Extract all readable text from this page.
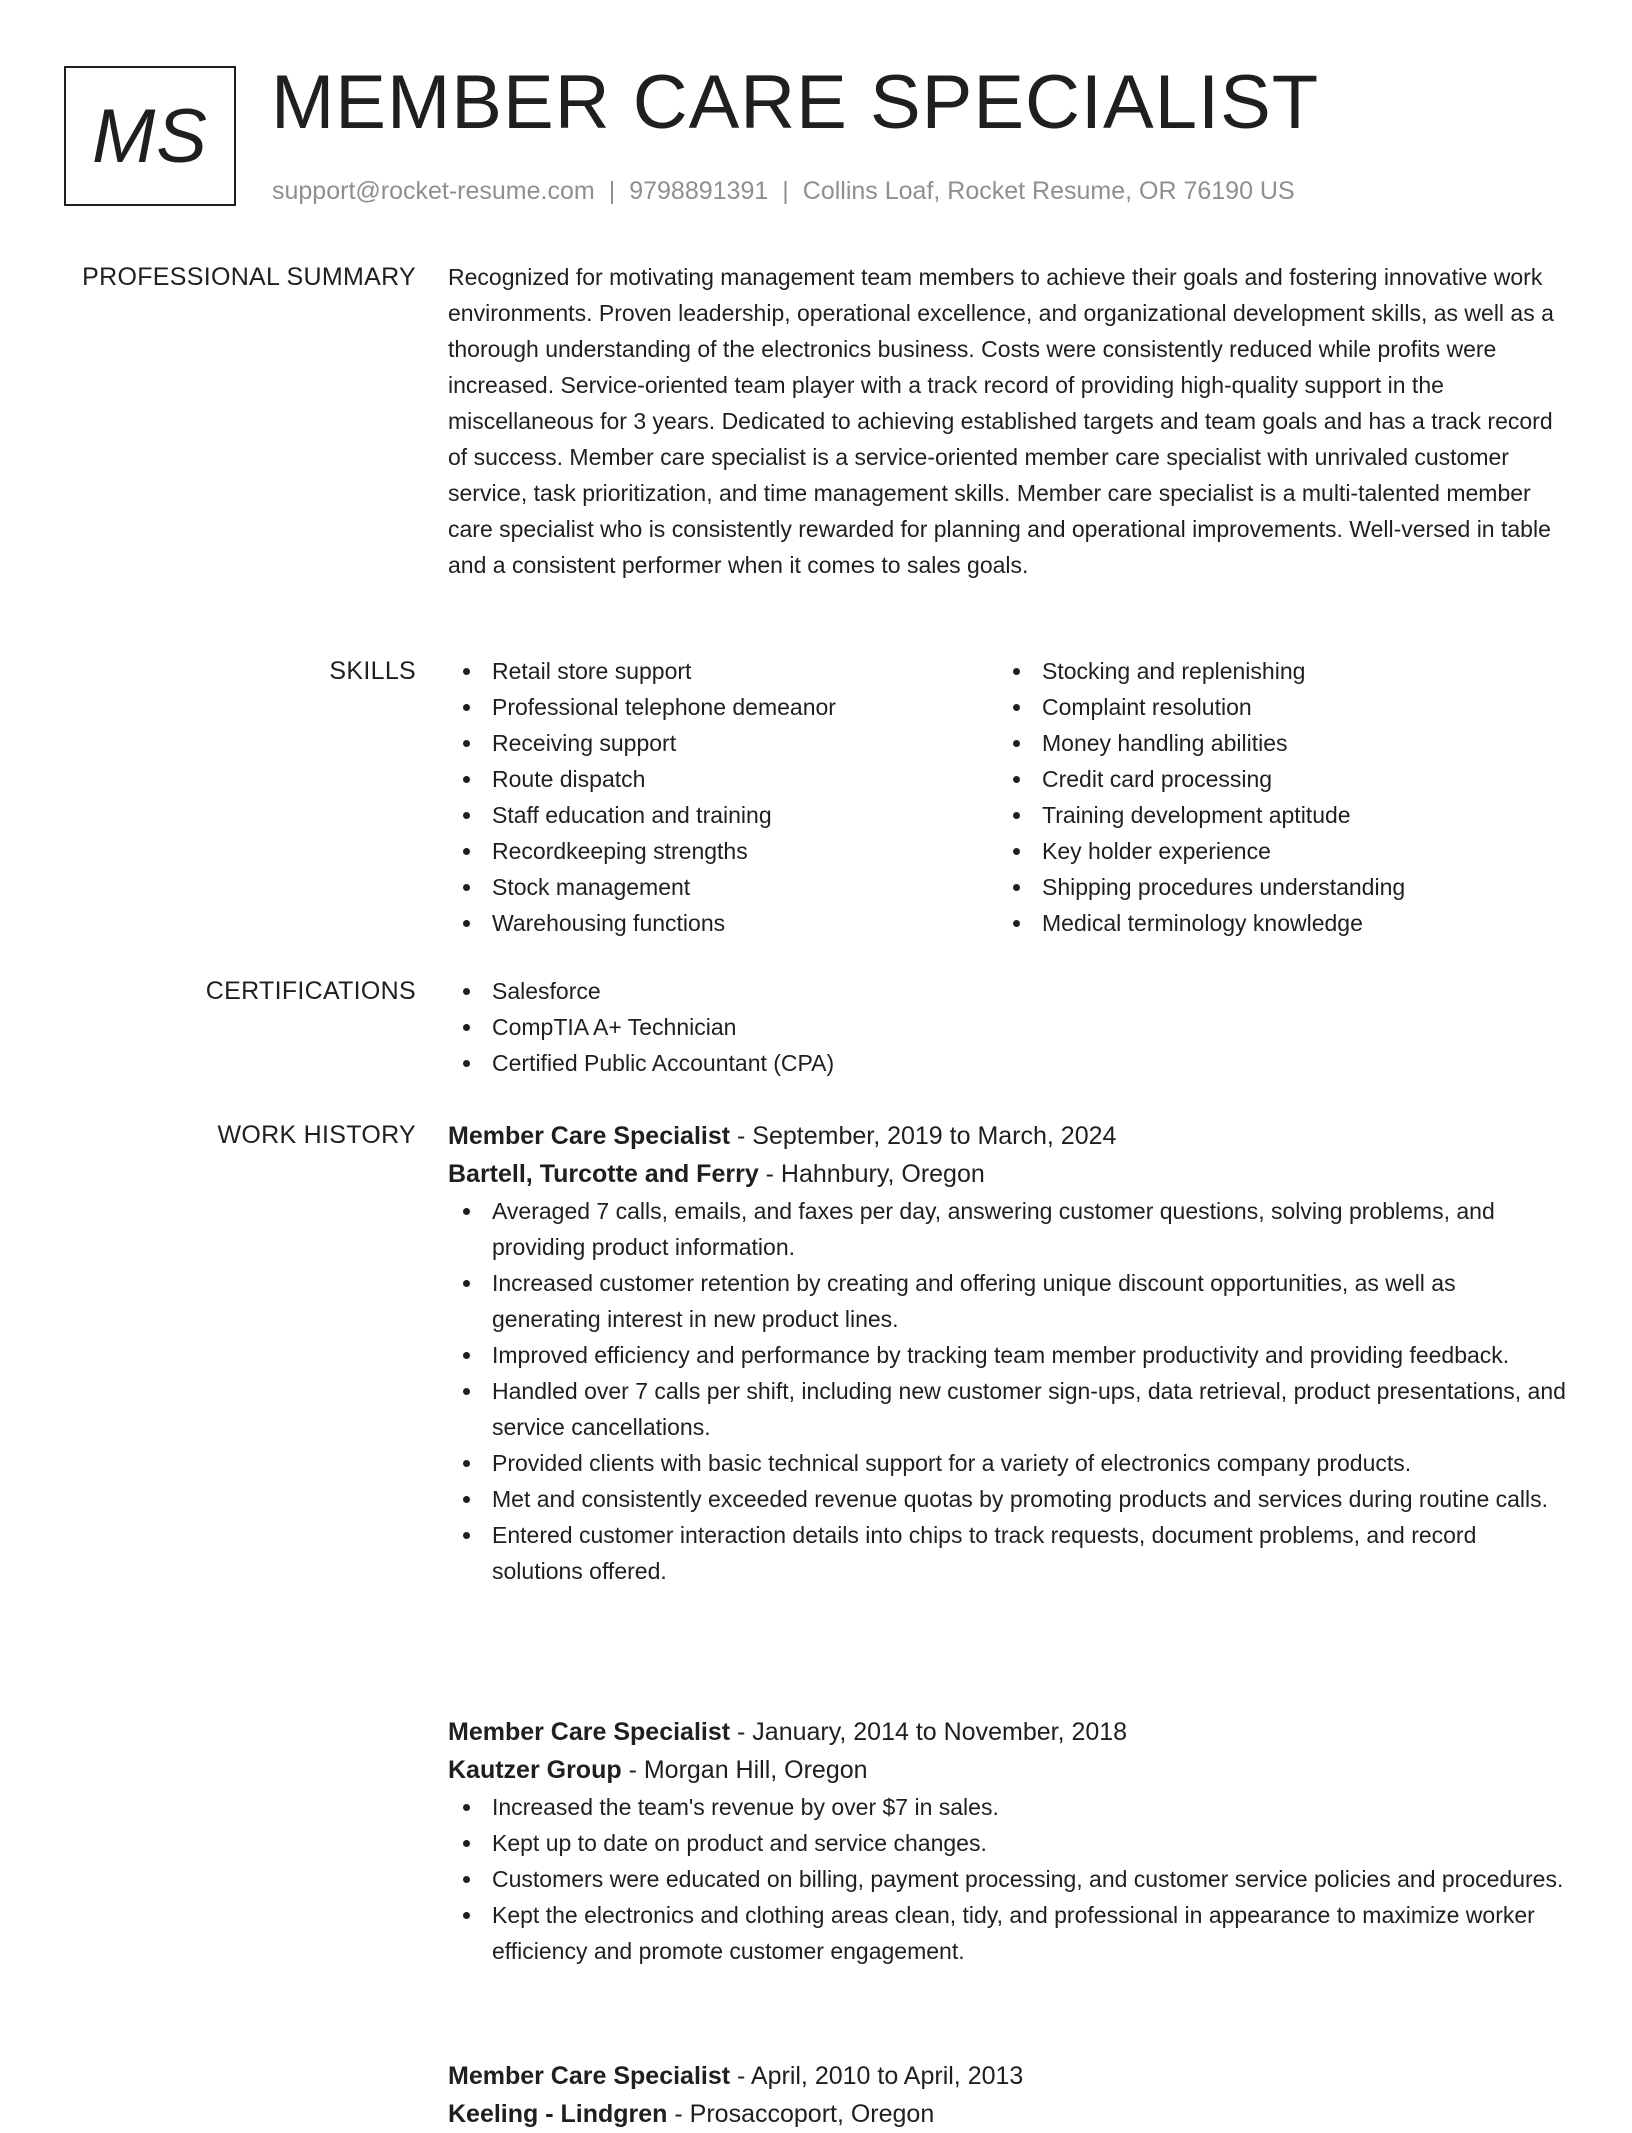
MS MEMBER CARE SPECIALIST
support@rocket-resume.com | 9798891391 | Collins Loaf, Rocket Resume, OR 76190 US
PROFESSIONAL SUMMARY Recognized for motivating management team members to achieve their goals and fostering innovative work environments. Proven leadership, operational excellence, and organizational development skills, as well as a thorough understanding of the electronics business. Costs were consistently reduced while profits were increased. Service-oriented team player with a track record of providing high-quality support in the miscellaneous for 3 years. Dedicated to achieving established targets and team goals and has a track record of success. Member care specialist is a service-oriented member care specialist with unrivaled customer service, task prioritization, and time management skills. Member care specialist is a multi-talented member care specialist who is consistently rewarded for planning and operational improvements. Well-versed in table and a consistent performer when it comes to sales goals.

SKILLS	Retail store support
Professional telephone demeanor
Receiving support
Route dispatch
Staff education and training
Recordkeeping strengths
Stock management
Warehousing functions
Stocking and replenishing
Complaint resolution
Money handling abilities
Credit card processing
Training development aptitude
Key holder experience
Shipping procedures understanding
Medical terminology knowledge
CERTIFICATIONS	Salesforce
CompTIA A+ Technician
Certified Public Accountant (CPA)
WORK HISTORY Member Care Specialist - September, 2019 to March, 2024

Bartell, Turcotte and Ferry - Hahnbury, Oregon

Averaged 7 calls, emails, and faxes per day, answering customer questions, solving problems, and providing product information.
Increased customer retention by creating and offering unique discount opportunities, as well as generating interest in new product lines.
Improved efficiency and performance by tracking team member productivity and providing feedback.
Handled over 7 calls per shift, including new customer sign-ups, data retrieval, product presentations, and service cancellations.
Provided clients with basic technical support for a variety of electronics company products.
Met and consistently exceeded revenue quotas by promoting products and services during routine calls.
Entered customer interaction details into chips to track requests, document problems, and record solutions offered.

Member Care Specialist - January, 2014 to November, 2018

Kautzer Group - Morgan Hill, Oregon

Increased the team's revenue by over $7 in sales.
Kept up to date on product and service changes.
Customers were educated on billing, payment processing, and customer service policies and procedures.
Kept the electronics and clothing areas clean, tidy, and professional in appearance to maximize worker efficiency and promote customer engagement.

Member Care Specialist - April, 2010 to April, 2013

Keeling - Lindgren - Prosaccoport, Oregon
